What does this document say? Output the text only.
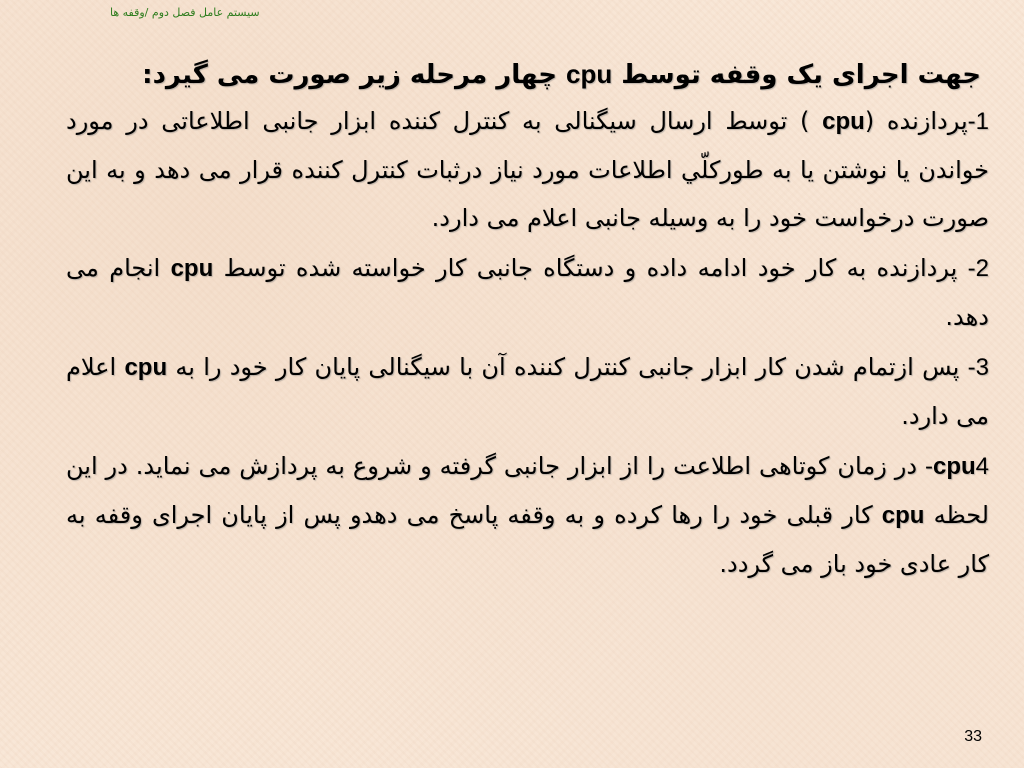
سیستم عامل فصل دوم /وقفه ها

جهت اجرای یک وقفه توسط cpu چهار مرحله زیر صورت می گیرد:

1-پردازنده (cpu ) توسط ارسال سیگنالی به کنترل کننده ابزار جانبی اطلاعاتی در مورد خواندن یا نوشتن یا به طورکلّي اطلاعات مورد نياز درثبات کنترل کننده قرار می دهد و به این صورت درخواست خود را به وسیله جانبی اعلام می دارد.

2- پردازنده به کار خود ادامه داده و دستگاه جانبی کار خواسته شده توسط cpu انجام می دهد.

3- پس ازتمام شدن کار ابزار جانبی کنترل کننده آن با سیگنالی پایان کار خود را به cpu اعلام می دارد.

cpu4- در زمان کوتاهی اطلاعت را از ابزار جانبی گرفته و شروع به پردازش می نماید. در این لحظه cpu کار قبلی خود را رها کرده و به وقفه پاسخ می دهدو پس از پایان اجرای وقفه به کار عادی خود باز می گردد.

33
